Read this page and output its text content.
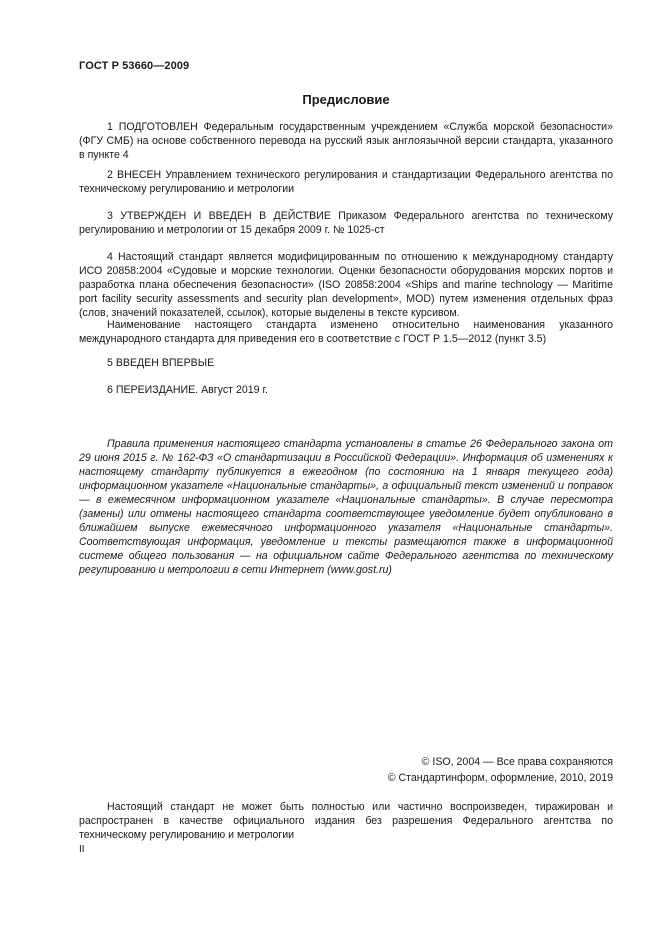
ГОСТ Р 53660—2009
Предисловие

1 ПОДГОТОВЛЕН Федеральным государственным учреждением «Служба морской безопасности» (ФГУ СМБ) на основе собственного перевода на русский язык англоязычной версии стандарта, указанного в пункте 4

2 ВНЕСЕН Управлением технического регулирования и стандартизации Федерального агентства по техническому регулированию и метрологии

3 УТВЕРЖДЕН И ВВЕДЕН В ДЕЙСТВИЕ Приказом Федерального агентства по техническому регулированию и метрологии от 15 декабря 2009 г. № 1025-ст

4 Настоящий стандарт является модифицированным по отношению к международному стандарту ИСО 20858:2004 «Судовые и морские технологии. Оценки безопасности оборудования морских портов и разработка плана обеспечения безопасности» (ISO 20858:2004 «Ships and marine technology — Maritime port facility security assessments and security plan development», MOD) путем изменения отдельных фраз (слов, значений показателей, ссылок), которые выделены в тексте курсивом.

Наименование настоящего стандарта изменено относительно наименования указанного международного стандарта для приведения его в соответствие с ГОСТ Р 1.5—2012 (пункт 3.5)

5 ВВЕДЕН ВПЕРВЫЕ

6 ПЕРЕИЗДАНИЕ. Август 2019 г.

Правила применения настоящего стандарта установлены в статье 26 Федерального закона от 29 июня 2015 г. № 162-ФЗ «О стандартизации в Российской Федерации». Информация об изменениях к настоящему стандарту публикуется в ежегодном (по состоянию на 1 января текущего года) информационном указателе «Национальные стандарты», а официальный текст изменений и поправок — в ежемесячном информационном указателе «Национальные стандарты». В случае пересмотра (замены) или отмены настоящего стандарта соответствующее уведомление будет опубликовано в ближайшем выпуске ежемесячного информационного указателя «Национальные стандарты». Соответствующая информация, уведомление и тексты размещаются также в информационной системе общего пользования — на официальном сайте Федерального агентства по техническому регулированию и метрологии в сети Интернет (www.gost.ru)

© ISO, 2004 — Все права сохраняются
© Стандартинформ, оформление, 2010, 2019

Настоящий стандарт не может быть полностью или частично воспроизведен, тиражирован и распространен в качестве официального издания без разрешения Федерального агентства по техническому регулированию и метрологии

II
